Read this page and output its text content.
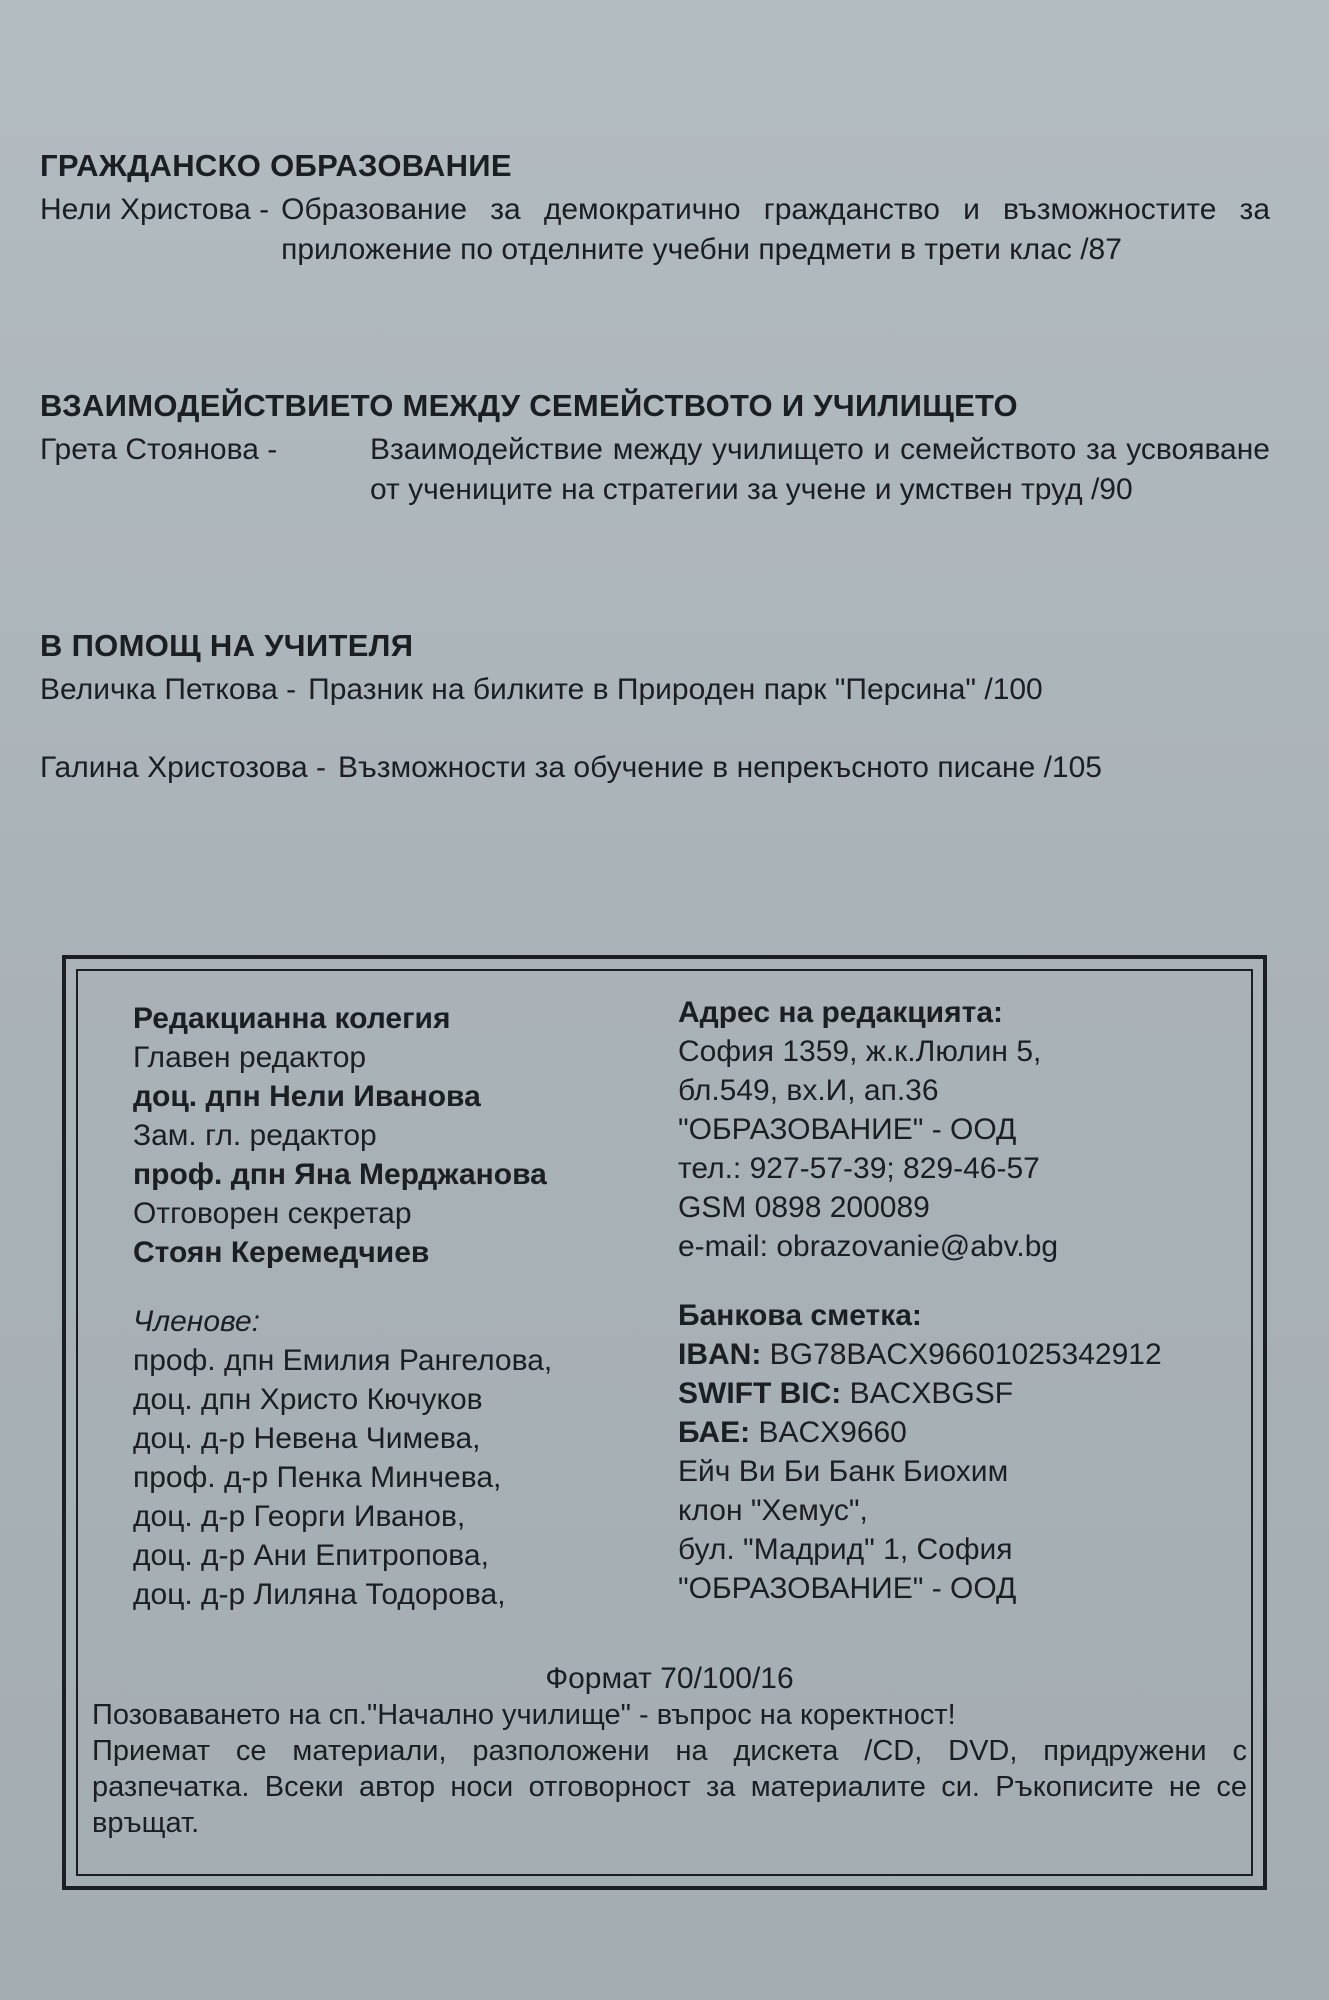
ГРАЖДАНСКО ОБРАЗОВАНИЕ
Нели Христова - Образование за демократично гражданство и възможностите за приложение по отделните учебни предмети в трети клас /87
ВЗАИМОДЕЙСТВИЕТО МЕЖДУ СЕМЕЙСТВОТО И УЧИЛИЩЕТО
Грета Стоянова -	Взаимодействие между училището и семейството за усвояване от учениците на стратегии за учене и умствен труд /90
В ПОМОЩ НА УЧИТЕЛЯ
Величка Петкова - Празник на билките в Природен парк "Персина" /100
Галина Христозова - Възможности за обучение в непрекъсното писане /105
Редакцианна колегия
Главен редактор
доц. дпн Нели Иванова
Зам. гл. редактор
проф. дпн Яна Мерджанова
Отговорен секретар
Стоян Керемедчиев
Членове:
проф. дпн Емилия Рангелова,
доц. дпн Христо Кючуков
доц. д-р Невена Чимева,
проф. д-р Пенка Минчева,
доц. д-р Георги Иванов,
доц. д-р Ани Епитропова,
доц. д-р Лиляна Тодорова,
Адрес на редакцията:
София 1359, ж.к.Люлин 5,
бл.549, вх.И, ап.36
"ОБРАЗОВАНИЕ" - ООД
тел.: 927-57-39; 829-46-57
GSM 0898 200089
e-mail: obrazovanie@abv.bg
Банкова сметка:
IBAN: BG78BACX96601025342912
SWIFT BIC: BACXBGSF
БАЕ: BACX9660
Ейч Ви Би Банк Биохим
клон "Хемус",
бул. "Мадрид" 1, София
"ОБРАЗОВАНИЕ" - ООД
Формат 70/100/16
Позоваването на сп."Начално училище" - въпрос на коректност!
Приемат се материали, разположени на дискета /CD, DVD, придружени с разпечатка. Всеки автор носи отговорност за материалите си. Ръкописите не се връщат.
